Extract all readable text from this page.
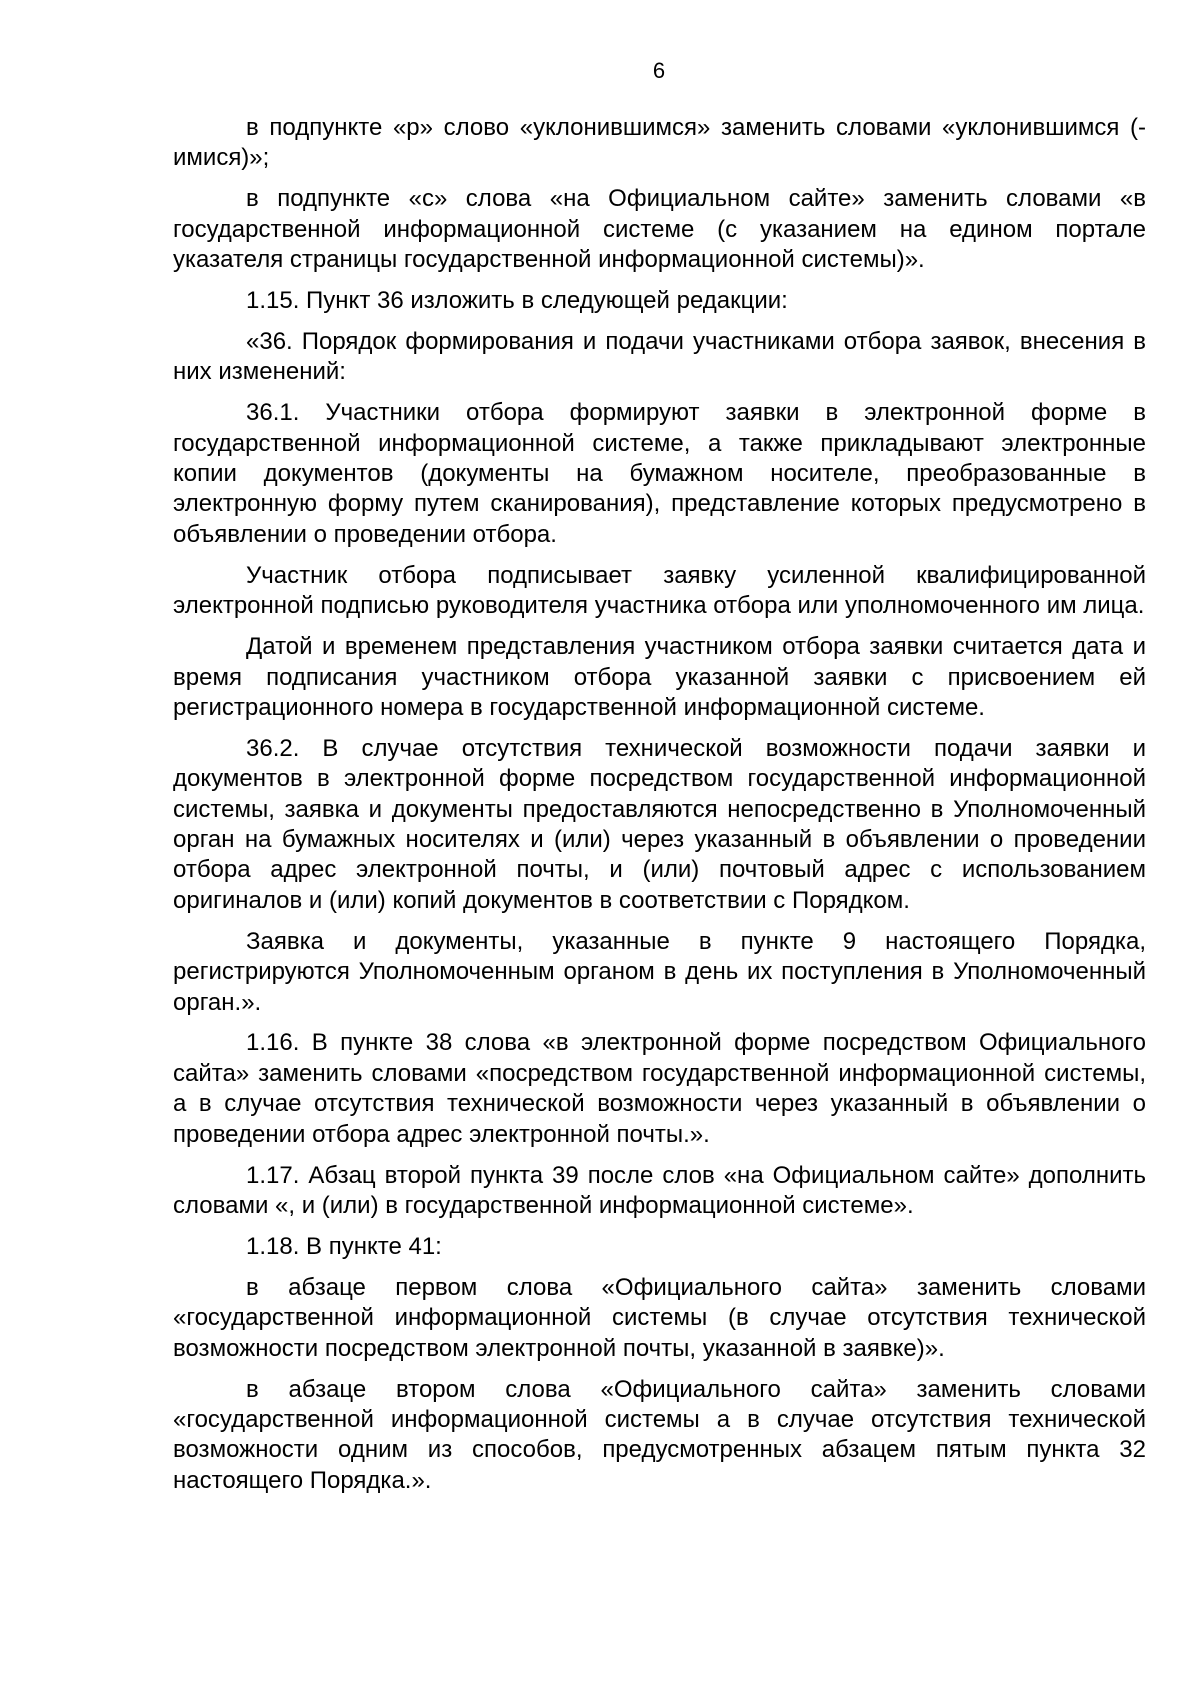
6

в подпункте «р» слово «уклонившимся» заменить словами «уклонившимся (- имися)»;

в подпункте «с» слова «на Официальном сайте» заменить словами «в государственной информационной системе (с указанием на едином портале указателя страницы государственной информационной системы)».

1.15. Пункт 36 изложить в следующей редакции:

«36. Порядок формирования и подачи участниками отбора заявок, внесения в них изменений:

36.1. Участники отбора формируют заявки в электронной форме в государственной информационной системе, а также прикладывают электронные копии документов (документы на бумажном носителе, преобразованные в электронную форму путем сканирования), представление которых предусмотрено в объявлении о проведении отбора.

Участник отбора подписывает заявку усиленной квалифицированной электронной подписью руководителя участника отбора или уполномоченного им лица.

Датой и временем представления участником отбора заявки считается дата и время подписания участником отбора указанной заявки с присвоением ей регистрационного номера в государственной информационной системе.

36.2. В случае отсутствия технической возможности подачи заявки и документов в электронной форме посредством государственной информационной системы, заявка и документы предоставляются непосредственно в Уполномоченный орган на бумажных носителях и (или) через указанный в объявлении о проведении отбора адрес электронной почты, и (или) почтовый адрес с использованием оригиналов и (или) копий документов в соответствии с Порядком.

Заявка и документы, указанные в пункте 9 настоящего Порядка, регистрируются Уполномоченным органом в день их поступления в Уполномоченный орган.».

1.16. В пункте 38 слова «в электронной форме посредством Официального сайта» заменить словами «посредством государственной информационной системы, а в случае отсутствия технической возможности через указанный в объявлении о проведении отбора адрес электронной почты.».

1.17. Абзац второй пункта 39 после слов «на Официальном сайте» дополнить словами «, и (или) в государственной информационной системе».

1.18. В пункте 41:

в абзаце первом слова «Официального сайта» заменить словами «государственной информационной системы (в случае отсутствия технической возможности посредством электронной почты, указанной в заявке)».

в абзаце втором слова «Официального сайта» заменить словами «государственной информационной системы а в случае отсутствия технической возможности одним из способов, предусмотренных абзацем пятым пункта 32 настоящего Порядка.».
